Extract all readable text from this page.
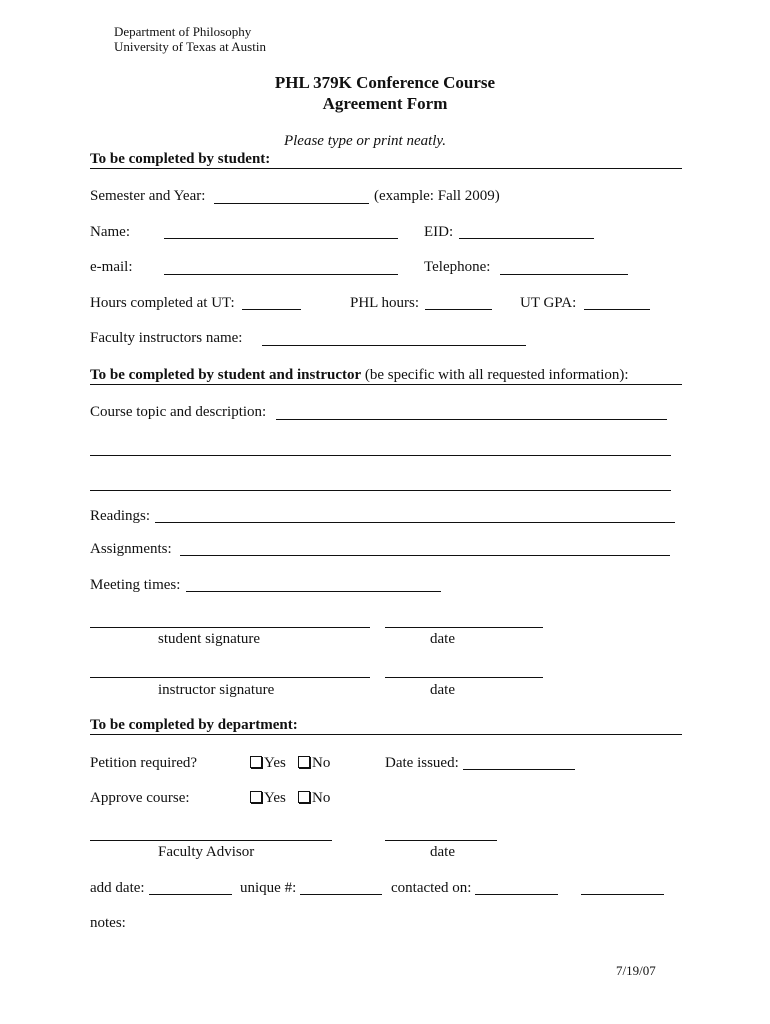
Department of Philosophy
University of Texas at Austin
PHL 379K Conference Course
Agreement Form
Please type or print neatly.
To be completed by student:
Semester and Year:	(example: Fall 2009)
Name:	EID:
e-mail:	Telephone:
Hours completed at UT:	PHL hours:	UT GPA:
Faculty instructors name:
To be completed by student and instructor (be specific with all requested information):
Course topic and description:
Readings:
Assignments:
Meeting times:
student signature	date
instructor signature	date
To be completed by department:
Petition required?	Yes	No	Date issued:
Approve course:	Yes	No
Faculty Advisor	date
add date:	unique #:	contacted on:
notes:
7/19/07
